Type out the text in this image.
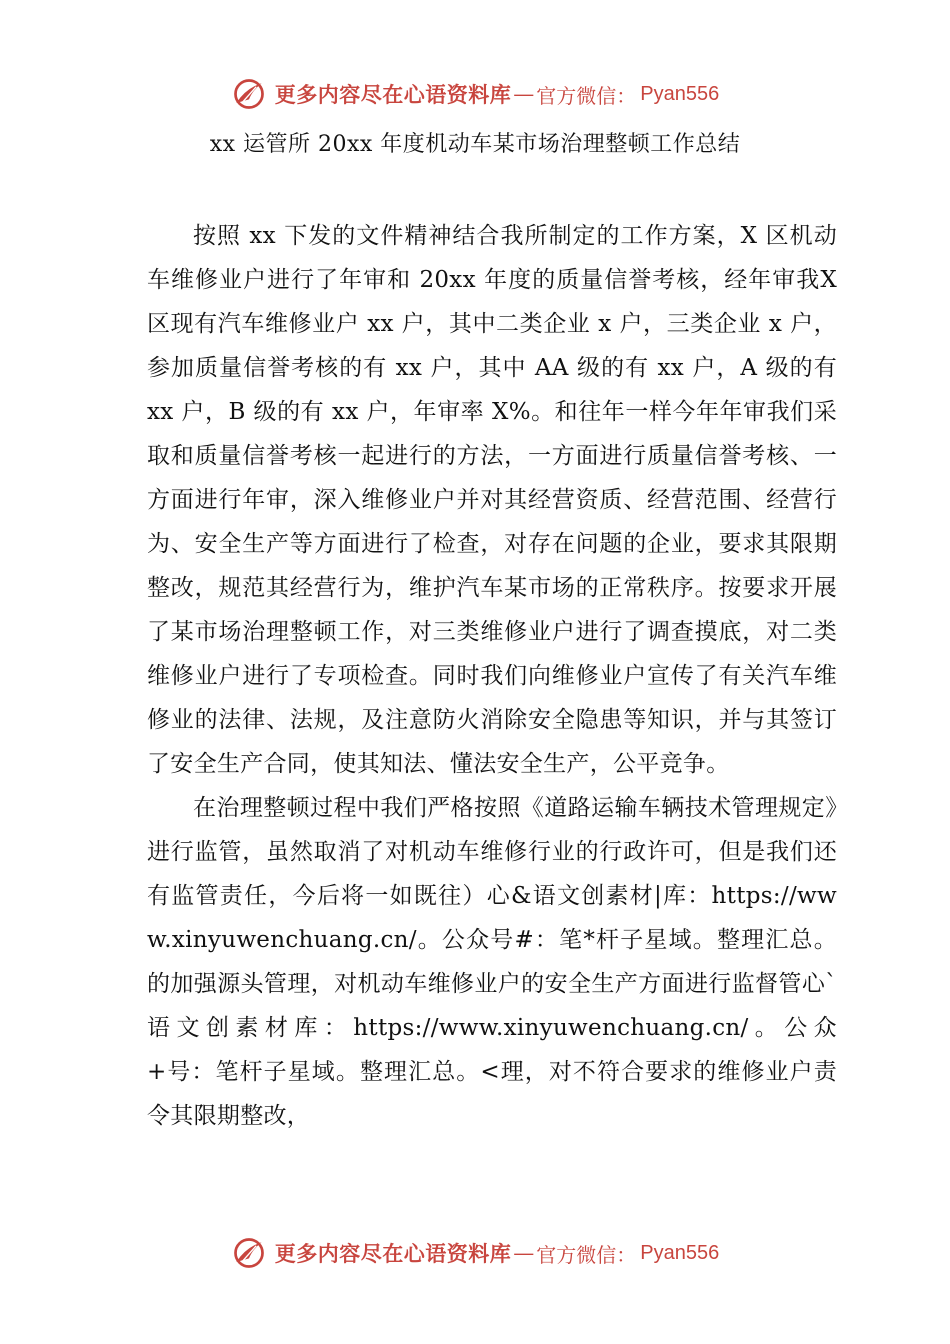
更多内容尽在心语资料库 — 官方微信： Pyan556
xx 运管所 20xx 年度机动车某市场治理整顿工作总结

按照 xx 下发的文件精神结合我所制定的工作方案，X 区机动车维修业户进行了年审和 20xx 年度的质量信誉考核，经年审我X区现有汽车维修业户 xx 户，其中二类企业 x 户，三类企业 x 户，参加质量信誉考核的有 xx 户，其中 AA 级的有 xx 户，A 级的有 xx 户，B 级的有 xx 户，年审率 X%。和往年一样今年年审我们采取和质量信誉考核一起进行的方法，一方面进行质量信誉考核、一方面进行年审，深入维修业户并对其经营资质、经营范围、经营行为、安全生产等方面进行了检查，对存在问题的企业，要求其限期整改，规范其经营行为，维护汽车某市场的正常秩序。按要求开展了某市场治理整顿工作，对三类维修业户进行了调查摸底，对二类维修业户进行了专项检查。同时我们向维修业户宣传了有关汽车维修业的法律、法规，及注意防火消除安全隐患等知识，并与其签订了安全生产合同，使其知法、懂法安全生产，公平竞争。

在治理整顿过程中我们严格按照《道路运输车辆技术管理规定》进行监管，虽然取消了对机动车维修行业的行政许可，但是我们还有监管责任，今后将一如既往）心&语文创素材|库：https://www.xinyuwenchuang.cn/。公众号#：笔*杆子星域。整理汇总。的加强源头管理，对机动车维修业户的安全生产方面进行监督管心`语文创素材库：https://www.xinyuwenchuang.cn/。公众+号：笔杆子星域。整理汇总。<理，对不符合要求的维修业户责令其限期整改，

更多内容尽在心语资料库 — 官方微信： Pyan556
